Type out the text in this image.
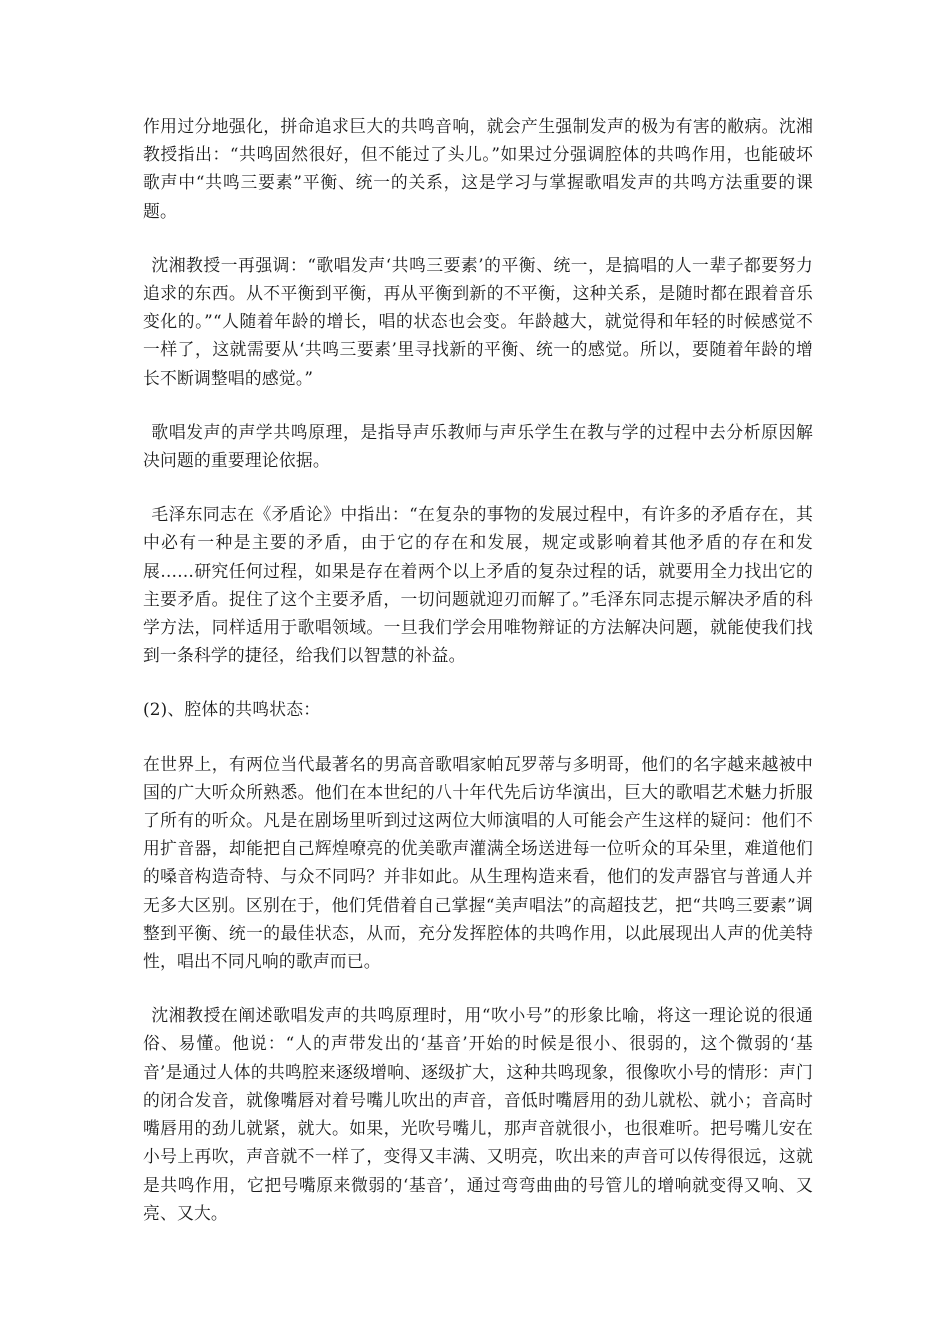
作用过分地强化，拼命追求巨大的共鸣音响，就会产生强制发声的极为有害的敝病。沈湘教授指出：“共鸣固然很好，但不能过了头儿。”如果过分强调腔体的共鸣作用，也能破坏歌声中“共鸣三要素”平衡、统一的关系，这是学习与掌握歌唱发声的共鸣方法重要的课题。

沈湘教授一再强调：“歌唱发声‘共鸣三要素’的平衡、统一，是搞唱的人一辈子都要努力追求的东西。从不平衡到平衡，再从平衡到新的不平衡，这种关系，是随时都在跟着音乐变化的。”“人随着年龄的增长，唱的状态也会变。年龄越大，就觉得和年轻的时候感觉不一样了，这就需要从‘共鸣三要素’里寻找新的平衡、统一的感觉。所以，要随着年龄的增长不断调整唱的感觉。”

歌唱发声的声学共鸣原理，是指导声乐教师与声乐学生在教与学的过程中去分析原因解决问题的重要理论依据。

毛泽东同志在《矛盾论》中指出：“在复杂的事物的发展过程中，有许多的矛盾存在，其中必有一种是主要的矛盾，由于它的存在和发展，规定或影响着其他矛盾的存在和发展……研究任何过程，如果是存在着两个以上矛盾的复杂过程的话，就要用全力找出它的主要矛盾。捉住了这个主要矛盾，一切问题就迎刃而解了。”毛泽东同志提示解决矛盾的科学方法，同样适用于歌唱领域。一旦我们学会用唯物辩证的方法解决问题，就能使我们找到一条科学的捷径，给我们以智慧的补益。

(2)、腔体的共鸣状态：

在世界上，有两位当代最著名的男高音歌唱家帕瓦罗蒂与多明哥，他们的名字越来越被中国的广大听众所熟悉。他们在本世纪的八十年代先后访华演出，巨大的歌唱艺术魅力折服了所有的听众。凡是在剧场里听到过这两位大师演唱的人可能会产生这样的疑问：他们不用扩音器，却能把自己辉煌嘹亮的优美歌声灌满全场送进每一位听众的耳朵里，难道他们的嗓音构造奇特、与众不同吗？并非如此。从生理构造来看，他们的发声器官与普通人并无多大区别。区别在于，他们凭借着自己掌握“美声唱法”的高超技艺，把“共鸣三要素”调整到平衡、统一的最佳状态，从而，充分发挥腔体的共鸣作用，以此展现出人声的优美特性，唱出不同凡响的歌声而已。

沈湘教授在阐述歌唱发声的共鸣原理时，用“吹小号”的形象比喻，将这一理论说的很通俗、易懂。他说：“人的声带发出的‘基音’开始的时候是很小、很弱的，这个微弱的‘基音’是通过人体的共鸣腔来逐级增响、逐级扩大，这种共鸣现象，很像吹小号的情形：声门的闭合发音，就像嘴唇对着号嘴儿吹出的声音，音低时嘴唇用的劲儿就松、就小；音高时嘴唇用的劲儿就紧，就大。如果，光吹号嘴儿，那声音就很小，也很难听。把号嘴儿安在小号上再吹，声音就不一样了，变得又丰满、又明亮，吹出来的声音可以传得很远，这就是共鸣作用，它把号嘴原来微弱的‘基音’，通过弯弯曲曲的号管儿的增响就变得又响、又亮、又大。
